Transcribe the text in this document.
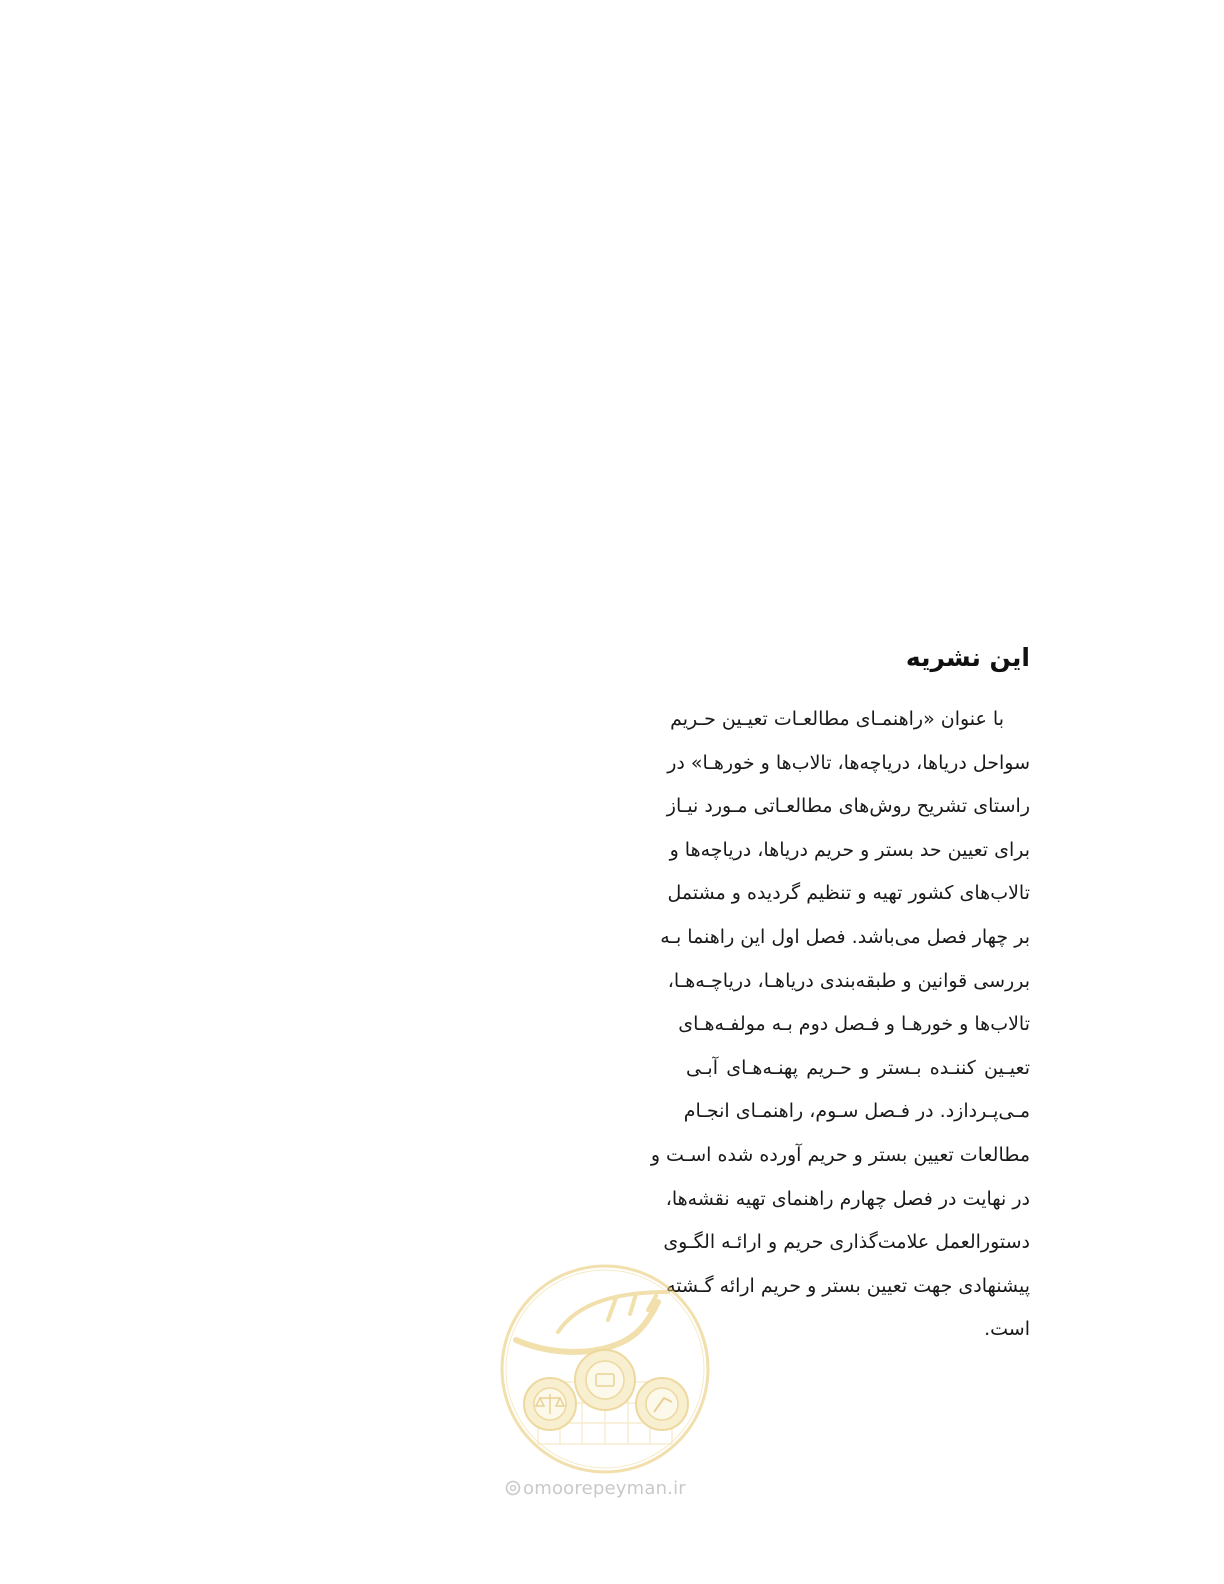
این نشریه
با عنوان «راهنمـای مطالعـات تعیـین حـریم
سواحل دریاها، دریاچه‌ها، تالاب‌ها و خورهـا» در
راستای تشریح روش‌های مطالعـاتی مـورد نیـاز
برای تعیین حد بستر و حریم دریاها، دریاچه‌ها و
تالاب‌های کشور تهیه و تنظیم گردیده و مشتمل
بر چهار فصل می‌باشد. فصل اول این راهنما بـه
بررسی قوانین و طبقه‌بندی دریاهـا، دریاچـه‌هـا،
تالاب‌ها و خورهـا و فـصل دوم بـه مولفـه‌هـای
تعیـین کننـده بـستر و حـریم پهنـه‌هـای آبـی
مـی‌پـردازد. در فـصل سـوم، راهنمـای انجـام
مطالعات تعیین بستر و حریم آورده شده اسـت و
در نهایت در فصل چهارم راهنمای تهیه نقشه‌ها،
دستورالعمل علامت‌گذاری حریم و ارائـه الگـوی
پیشنهادی جهت تعیین بستر و حریم ارائه گـشته
است.
omoorepeyman.ir
